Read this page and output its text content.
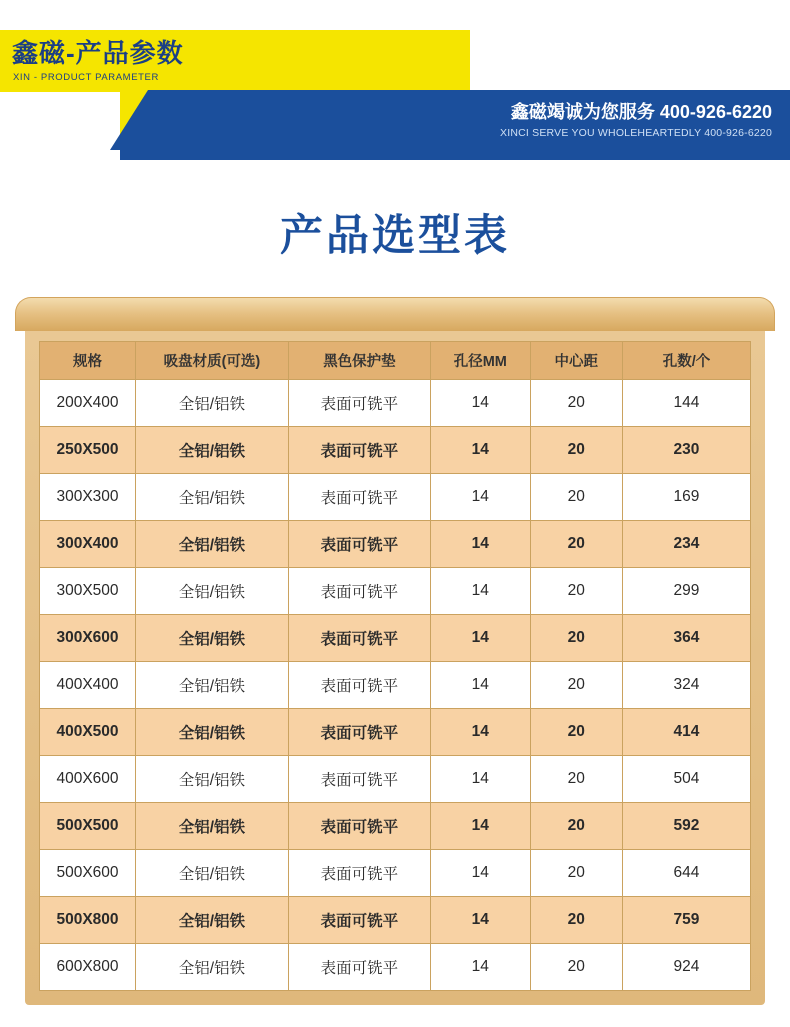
鑫磁-产品参数
XIN - PRODUCT PARAMETER
鑫磁竭诚为您服务 400-926-6220
XINCI SERVE YOU WHOLEHEARTEDLY 400-926-6220
产品选型表
规格	吸盘材质(可选)	黑色保护垫	孔径MM	中心距	孔数/个
200X400	全铝/铝铁	表面可铣平	14	20	144
250X500	全铝/铝铁	表面可铣平	14	20	230
300X300	全铝/铝铁	表面可铣平	14	20	169
300X400	全铝/铝铁	表面可铣平	14	20	234
300X500	全铝/铝铁	表面可铣平	14	20	299
300X600	全铝/铝铁	表面可铣平	14	20	364
400X400	全铝/铝铁	表面可铣平	14	20	324
400X500	全铝/铝铁	表面可铣平	14	20	414
400X600	全铝/铝铁	表面可铣平	14	20	504
500X500	全铝/铝铁	表面可铣平	14	20	592
500X600	全铝/铝铁	表面可铣平	14	20	644
500X800	全铝/铝铁	表面可铣平	14	20	759
600X800	全铝/铝铁	表面可铣平	14	20	924
